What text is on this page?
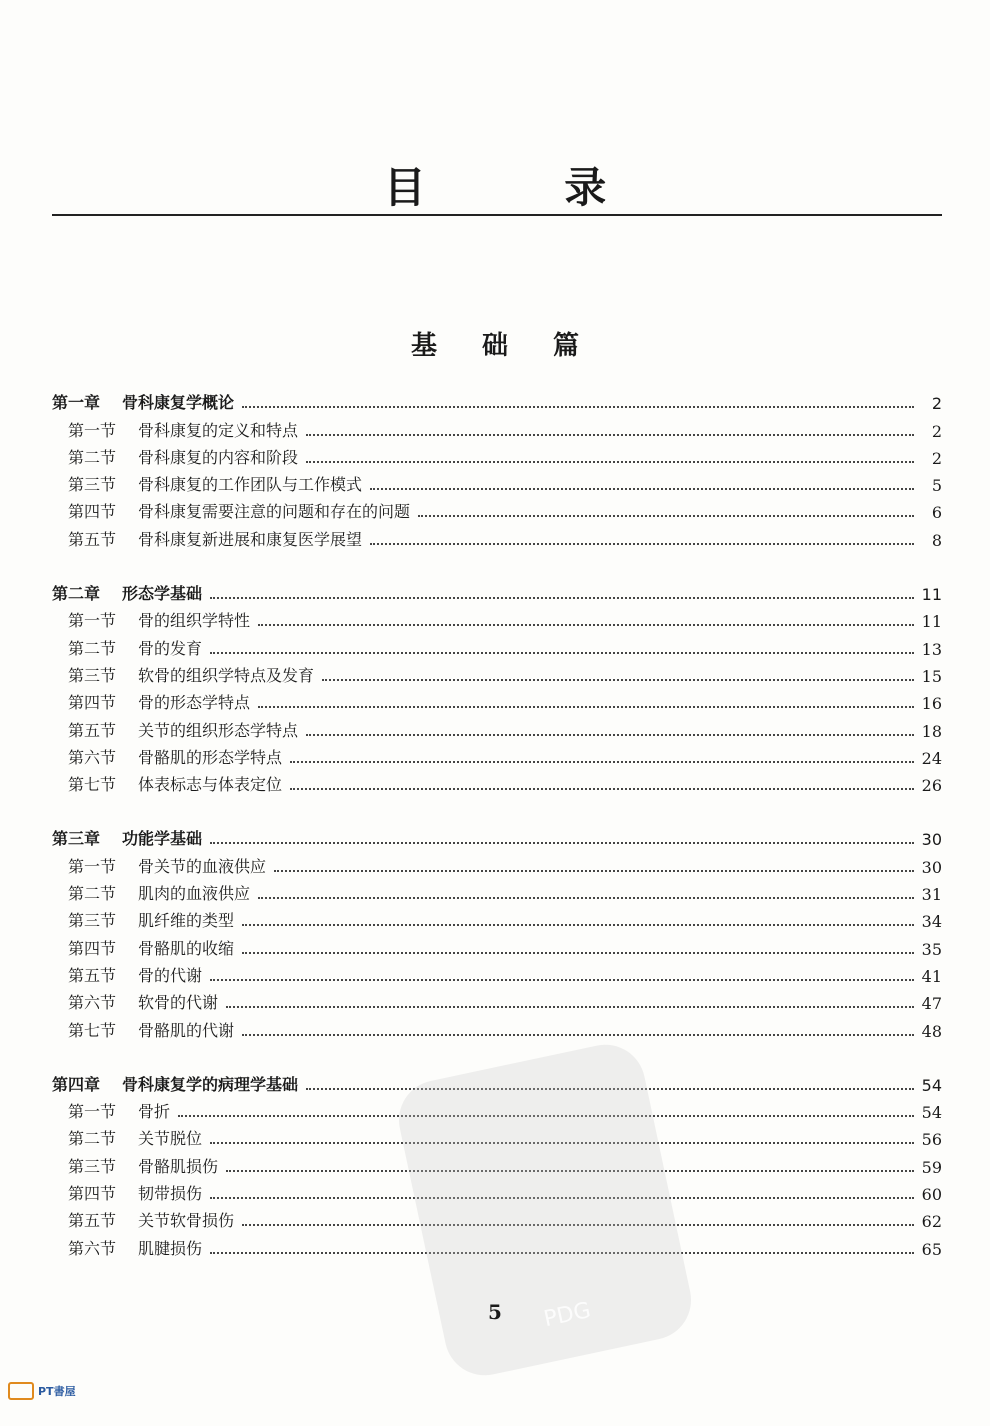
目 录
基 础 篇
第一章 骨科康复学概论	2
第一节 骨科康复的定义和特点	2
第二节 骨科康复的内容和阶段	2
第三节 骨科康复的工作团队与工作模式	5
第四节 骨科康复需要注意的问题和存在的问题	6
第五节 骨科康复新进展和康复医学展望	8
第二章 形态学基础	11
第一节 骨的组织学特性	11
第二节 骨的发育	13
第三节 软骨的组织学特点及发育	15
第四节 骨的形态学特点	16
第五节 关节的组织形态学特点	18
第六节 骨骼肌的形态学特点	24
第七节 体表标志与体表定位	26
第三章 功能学基础	30
第一节 骨关节的血液供应	30
第二节 肌肉的血液供应	31
第三节 肌纤维的类型	34
第四节 骨骼肌的收缩	35
第五节 骨的代谢	41
第六节 软骨的代谢	47
第七节 骨骼肌的代谢	48
第四章 骨科康复学的病理学基础	54
第一节 骨折	54
第二节 关节脱位	56
第三节 骨骼肌损伤	59
第四节 韧带损伤	60
第五节 关节软骨损伤	62
第六节 肌腱损伤	65
PDG
5
PT書屋
